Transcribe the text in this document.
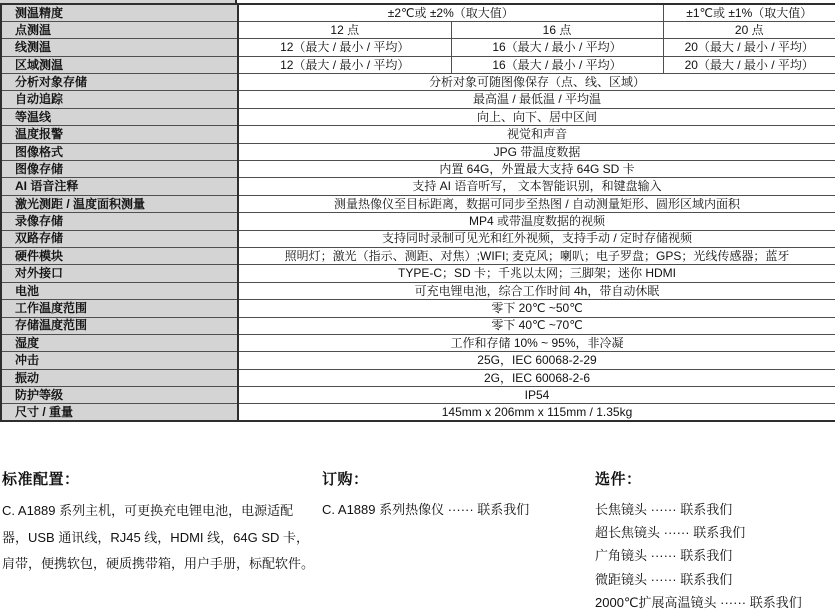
测温精度	±2℃或 ±2%（取大值）		±1℃或 ±1%（取大值）
点测温	12 点	16 点	20 点
线测温	12（最大 / 最小 / 平均）	16（最大 / 最小 / 平均）	20（最大 / 最小 / 平均）
区域测温	12（最大 / 最小 / 平均）	16（最大 / 最小 / 平均）	20（最大 / 最小 / 平均）
分析对象存储	分析对象可随图像保存（点、线、区域）		
自动追踪	最高温 / 最低温 / 平均温		
等温线	向上、向下、居中区间		
温度报警	视觉和声音		
图像格式	JPG 带温度数据		
图像存储	内置 64G，外置最大支持 64G SD 卡		
AI 语音注释	支持 AI 语音听写， 文本智能识别，和键盘输入		
激光测距 / 温度面积测量	测量热像仪至目标距离，数据可同步至热图 / 自动测量矩形、圆形区域内面积		
录像存储	MP4 或带温度数据的视频		
双路存储	支持同时录制可见光和红外视频，支持手动 / 定时存储视频		
硬件模块	照明灯；激光（指示、测距、对焦）;WIFI; 麦克风；喇叭；电子罗盘；GPS；光线传感器；蓝牙		
对外接口	TYPE-C；SD 卡；千兆以太网；三脚架；迷你 HDMI		
电池	可充电锂电池，综合工作时间 4h，带自动休眠		
工作温度范围	零下 20℃ ~50℃		
存储温度范围	零下 40℃ ~70℃		
湿度	工作和存储 10% ~ 95%，非冷凝		
冲击	25G，IEC 60068-2-29		
振动	2G，IEC 60068-2-6		
防护等级	IP54		
尺寸 / 重量	145mm x 206mm x 115mm / 1.35kg		
标准配置：
C. A1889 系列主机，可更换充电锂电池，电源适配器，USB 通讯线，RJ45 线，HDMI 线，64G SD 卡，肩带，便携软包，硬质携带箱，用户手册，标配软件。
订购：
C. A1889 系列热像仪 ······ 联系我们
选件：
长焦镜头 ······ 联系我们
超长焦镜头 ······ 联系我们
广角镜头 ······ 联系我们
微距镜头 ······ 联系我们
2000℃扩展高温镜头 ······ 联系我们
